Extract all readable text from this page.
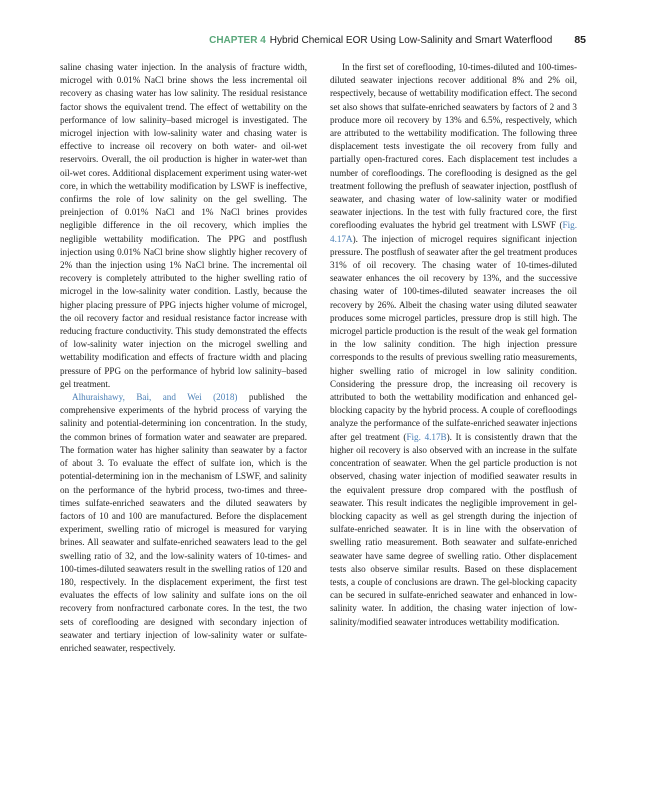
CHAPTER 4 Hybrid Chemical EOR Using Low-Salinity and Smart Waterflood 85

saline chasing water injection. In the analysis of fracture width, microgel with 0.01% NaCl brine shows the less incremental oil recovery as chasing water has low salinity. The residual resistance factor shows the equivalent trend. The effect of wettability on the performance of low salinity–based microgel is investigated. The microgel injection with low-salinity water and chasing water is effective to increase oil recovery on both water- and oil-wet reservoirs. Overall, the oil production is higher in water-wet than oil-wet cores. Additional displacement experiment using water-wet core, in which the wettability modification by LSWF is ineffective, confirms the role of low salinity on the gel swelling. The preinjection of 0.01% NaCl and 1% NaCl brines provides negligible difference in the oil recovery, which implies the negligible wettability modification. The PPG and postflush injection using 0.01% NaCl brine show slightly higher recovery of 2% than the injection using 1% NaCl brine. The incremental oil recovery is completely attributed to the higher swelling ratio of microgel in the low-salinity water condition. Lastly, because the higher placing pressure of PPG injects higher volume of microgel, the oil recovery factor and residual resistance factor increase with reducing fracture conductivity. This study demonstrated the effects of low-salinity water injection on the microgel swelling and wettability modification and effects of fracture width and placing pressure of PPG on the performance of hybrid low salinity–based gel treatment.

Alhuraishawy, Bai, and Wei (2018) published the comprehensive experiments of the hybrid process of varying the salinity and potential-determining ion concentration. In the study, the common brines of formation water and seawater are prepared. The formation water has higher salinity than seawater by a factor of about 3. To evaluate the effect of sulfate ion, which is the potential-determining ion in the mechanism of LSWF, and salinity on the performance of the hybrid process, two-times and three-times sulfate-enriched seawaters and the diluted seawaters by factors of 10 and 100 are manufactured. Before the displacement experiment, swelling ratio of microgel is measured for varying brines. All seawater and sulfate-enriched seawaters lead to the gel swelling ratio of 32, and the low-salinity waters of 10-times- and 100-times-diluted seawaters result in the swelling ratios of 120 and 180, respectively. In the displacement experiment, the first test evaluates the effects of low salinity and sulfate ions on the oil recovery from nonfractured carbonate cores. In the test, the two sets of coreflooding are designed with secondary injection of seawater and tertiary injection of low-salinity water or sulfate-enriched seawater, respectively.

In the first set of coreflooding, 10-times-diluted and 100-times-diluted seawater injections recover additional 8% and 2% oil, respectively, because of wettability modification effect. The second set also shows that sulfate-enriched seawaters by factors of 2 and 3 produce more oil recovery by 13% and 6.5%, respectively, which are attributed to the wettability modification. The following three displacement tests investigate the oil recovery from fully and partially open-fractured cores. Each displacement test includes a number of corefloodings. The coreflooding is designed as the gel treatment following the preflush of seawater injection, postflush of seawater, and chasing water of low-salinity water or modified seawater injections. In the test with fully fractured core, the first coreflooding evaluates the hybrid gel treatment with LSWF (Fig. 4.17A). The injection of microgel requires significant injection pressure. The postflush of seawater after the gel treatment produces 31% of oil recovery. The chasing water of 10-times-diluted seawater enhances the oil recovery by 13%, and the successive chasing water of 100-times-diluted seawater increases the oil recovery by 26%. Albeit the chasing water using diluted seawater produces some microgel particles, pressure drop is still high. The microgel particle production is the result of the weak gel formation in the low salinity condition. The high injection pressure corresponds to the results of previous swelling ratio measurements, higher swelling ratio of microgel in low salinity condition. Considering the pressure drop, the increasing oil recovery is attributed to both the wettability modification and enhanced gel-blocking capacity by the hybrid process. A couple of corefloodings analyze the performance of the sulfate-enriched seawater injections after gel treatment (Fig. 4.17B). It is consistently drawn that the higher oil recovery is also observed with an increase in the sulfate concentration of seawater. When the gel particle production is not observed, chasing water injection of modified seawater results in the equivalent pressure drop compared with the postflush of seawater. This result indicates the negligible improvement in gel-blocking capacity as well as gel strength during the injection of sulfate-enriched seawater. It is in line with the observation of swelling ratio measurement. Both seawater and sulfate-enriched seawater have same degree of swelling ratio. Other displacement tests also observe similar results. Based on these displacement tests, a couple of conclusions are drawn. The gel-blocking capacity can be secured in sulfate-enriched seawater and enhanced in low-salinity water. In addition, the chasing water injection of low-salinity/modified seawater introduces wettability modification.
